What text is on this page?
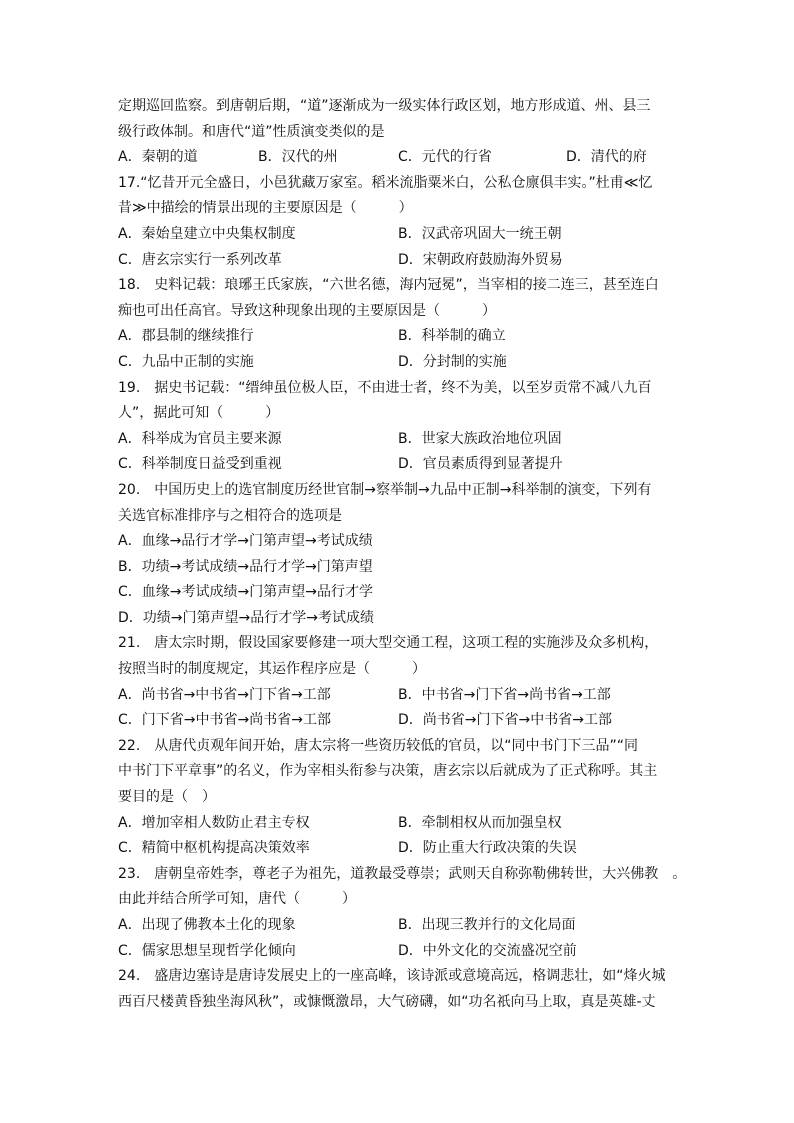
定期巡回监察。到唐朝后期，“道”逐渐成为一级实体行政区划，地方形成道、州、县三
级行政体制。和唐代“道”性质演变类似的是
A．秦朝的道	B．汉代的州	C．元代的行省	D．清代的府
17.“忆昔开元全盛日，小邑犹藏万家室。稻米流脂粟米白，公私仓廪俱丰实。”杜甫≪忆
昔≫中描绘的情景出现的主要原因是（　　　）
A．秦始皇建立中央集权制度	B．汉武帝巩固大一统王朝
C．唐玄宗实行一系列改革	D．宋朝政府鼓励海外贸易
18.　史料记载：琅琊王氏家族，“六世名德，海内冠冕”，当宰相的接二连三，甚至连白
痴也可出任高官。导致这种现象出现的主要原因是（　　　）
A．郡县制的继续推行	B．科举制的确立
C．九品中正制的实施	D．分封制的实施
19.　据史书记载：“缙绅虽位极人臣，不由进士者，终不为美，以至岁贡常不减八九百
人”，据此可知（　　　）
A．科举成为官员主要来源	B．世家大族政治地位巩固
C．科举制度日益受到重视	D．官员素质得到显著提升
20.　中国历史上的选官制度历经世官制→察举制→九品中正制→科举制的演变，下列有
关选官标准排序与之相符合的选项是
A．血缘→品行才学→门第声望→考试成绩
B．功绩→考试成绩→品行才学→门第声望
C．血缘→考试成绩→门第声望→品行才学
D．功绩→门第声望→品行才学→考试成绩
21.　唐太宗时期，假设国家要修建一项大型交通工程，这项工程的实施涉及众多机构，
按照当时的制度规定，其运作程序应是（　　　）
A．尚书省→中书省→门下省→工部	B．中书省→门下省→尚书省→工部
C．门下省→中书省→尚书省→工部	D．尚书省→门下省→中书省→工部
22.　从唐代贞观年间开始，唐太宗将一些资历较低的官员，以“同中书门下三品”“同
中书门下平章事”的名义，作为宰相头衔参与决策，唐玄宗以后就成为了正式称呼。其主
要目的是（　）
A．增加宰相人数防止君主专权	B．牵制相权从而加强皇权
C．精简中枢机构提高决策效率	D．防止重大行政决策的失误
23.　唐朝皇帝姓李，尊老子为祖先，道教最受尊崇；武则天自称弥勒佛转世，大兴佛教　。
由此并结合所学可知，唐代（　　　）
A．出现了佛教本土化的现象	B．出现三教并行的文化局面
C．儒家思想呈现哲学化倾向	D．中外文化的交流盛况空前
24.　盛唐边塞诗是唐诗发展史上的一座高峰，该诗派或意境高远，格调悲壮，如“烽火城
西百尺楼黄昏独坐海风秋”，或慷慨激昂，大气磅礴，如“功名祇向马上取，真是英雄-丈
